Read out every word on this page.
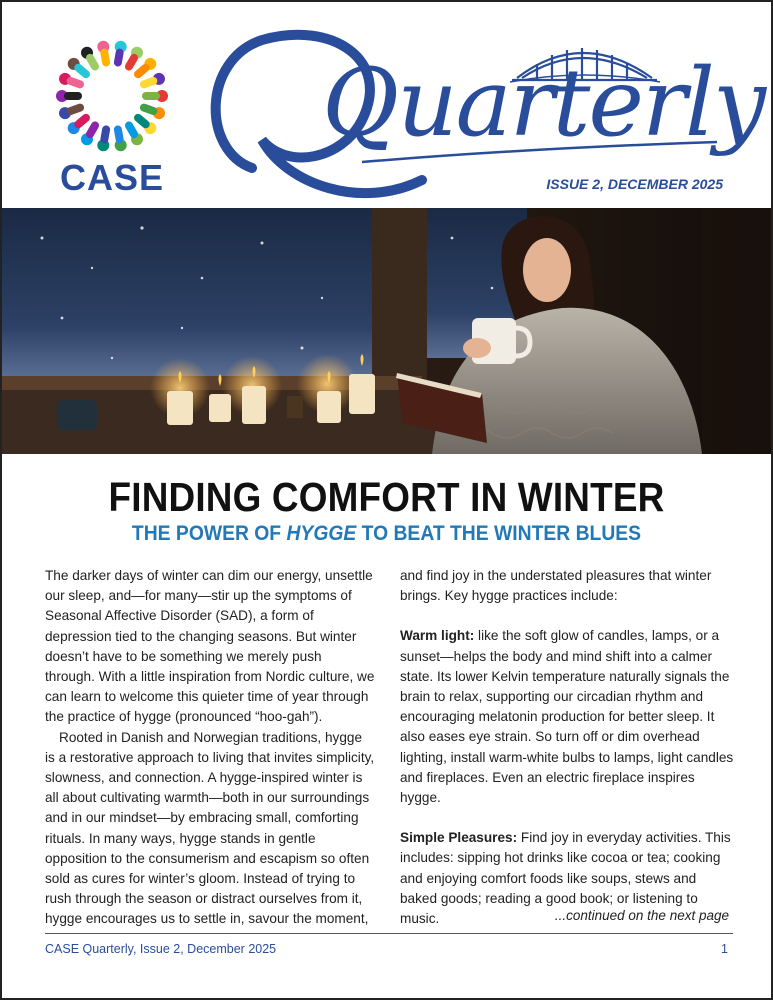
CASE
Quarterly
ISSUE 2, DECEMBER 2025
FINDING COMFORT IN WINTER
THE POWER OF HYGGE TO BEAT THE WINTER BLUES

The darker days of winter can dim our energy, unsettle our sleep, and—for many—stir up the symptoms of Seasonal Affective Disorder (SAD), a form of depression tied to the changing seasons. But winter doesn’t have to be something we merely push through. With a little inspiration from Nordic culture, we can learn to welcome this quieter time of year through the practice of hygge (pronounced “hoo-gah”).

Rooted in Danish and Norwegian traditions, hygge is a restorative approach to living that invites simplicity, slowness, and connection. A hygge-inspired winter is all about cultivating warmth—both in our surroundings and in our mindset—by embracing small, comforting rituals. In many ways, hygge stands in gentle opposition to the consumerism and escapism so often sold as cures for winter’s gloom. Instead of trying to rush through the season or distract ourselves from it, hygge encourages us to settle in, savour the moment,

and find joy in the understated pleasures that winter brings. Key hygge practices include:

Warm light: like the soft glow of candles, lamps, or a sunset—helps the body and mind shift into a calmer state. Its lower Kelvin temperature naturally signals the brain to relax, supporting our circadian rhythm and encouraging melatonin production for better sleep. It also eases eye strain. So turn off or dim overhead lighting, install warm-white bulbs to lamps, light candles and fireplaces. Even an electric fireplace inspires hygge.

Simple Pleasures: Find joy in everyday activities. This includes: sipping hot drinks like cocoa or tea; cooking and enjoying comfort foods like soups, stews and baked goods; reading a good book; or listening to music.	...continued on the next page
CASE Quarterly, Issue 2, December 2025	1
